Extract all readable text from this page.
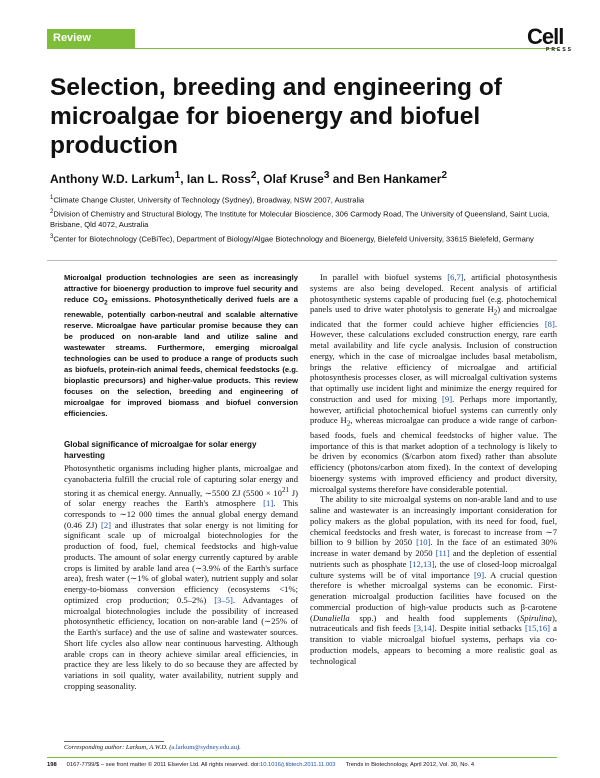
Review	Cell
PRESS
Selection, breeding and engineering of microalgae for bioenergy and biofuel production
Anthony W.D. Larkum$^1$, Ian L. Ross$^2$, Olaf Kruse$^3$ and Ben Hankamer$^2$
$^1$Climate Change Cluster, University of Technology (Sydney), Broadway, NSW 2007, Australia
$^2$Division of Chemistry and Structural Biology, The Institute for Molecular Bioscience, 306 Carmody Road, The University of Queensland, Saint Lucia, Brisbane, Qld 4072, Australia
$^3$Center for Biotechnology (CeBiTec), Department of Biology/Algae Biotechnology and Bioenergy, Bielefeld University, 33615 Bielefeld, Germany

Microalgal production technologies are seen as increasingly attractive for bioenergy production to improve fuel security and reduce $CO_2$ emissions. Photosynthetically derived fuels are a renewable, potentially carbon-neutral and scalable alternative reserve. Microalgae have particular promise because they can be produced on non-arable land and utilize saline and wastewater streams. Furthermore, emerging microalgal technologies can be used to produce a range of products such as biofuels, protein-rich animal feeds, chemical feedstocks (e.g. bioplastic precursors) and higher-value products. This review focuses on the selection, breeding and engineering of microalgae for improved biomass and biofuel conversion efficiencies.

Global significance of microalgae for solar energy harvesting

Photosynthetic organisms including higher plants, microalgae and cyanobacteria fulfill the crucial role of capturing solar energy and storing it as chemical energy. Annually, ∼5500 ZJ ($5500 \times 10^{21}$ J) of solar energy reaches the Earth's atmosphere [1]. This corresponds to ∼12 000 times the annual global energy demand (0.46 ZJ) [2] and illustrates that solar energy is not limiting for significant scale up of microalgal biotechnologies for the production of food, fuel, chemical feedstocks and high-value products. The amount of solar energy currently captured by arable crops is limited by arable land area (∼3.9% of the Earth's surface area), fresh water (∼1% of global water), nutrient supply and solar energy-to-biomass conversion efficiency (ecosystems <1%; optimized crop production; 0.5–2%) [3–5]. Advantages of microalgal biotechnologies include the possibility of increased photosynthetic efficiency, location on non-arable land (∼25% of the Earth's surface) and the use of saline and wastewater sources. Short life cycles also allow near continuous harvesting. Although arable crops can in theory achieve similar areal efficiencies, in practice they are less likely to do so because they are affected by variations in soil quality, water availability, nutrient supply and cropping seasonality.

In parallel with biofuel systems [6,7], artificial photosynthesis systems are also being developed. Recent analysis of artificial photosynthetic systems capable of producing fuel (e.g. photochemical panels used to drive water photolysis to generate $H_2$) and microalgae indicated that the former could achieve higher efficiencies [8]. However, these calculations excluded construction energy, rare earth metal availability and life cycle analysis. Inclusion of construction energy, which in the case of microalgae includes basal metabolism, brings the relative efficiency of microalgae and artificial photosynthesis processes closer, as will microalgal cultivation systems that optimally use incident light and minimize the energy required for construction and used for mixing [9]. Perhaps more importantly, however, artificial photochemical biofuel systems can currently only produce $H_2$, whereas microalgae can produce a wide range of carbon-based foods, fuels and chemical feedstocks of higher value. The importance of this is that market adoption of a technology is likely to be driven by economics ($/carbon atom fixed) rather than absolute efficiency (photons/carbon atom fixed). In the context of developing bioenergy systems with improved efficiency and product diversity, microalgal systems therefore have considerable potential.

The ability to site microalgal systems on non-arable land and to use saline and wastewater is an increasingly important consideration for policy makers as the global population, with its need for food, fuel, chemical feedstocks and fresh water, is forecast to increase from ∼7 billion to 9 billion by 2050 [10]. In the face of an estimated 30% increase in water demand by 2050 [11] and the depletion of essential nutrients such as phosphate [12,13], the use of closed-loop microalgal culture systems will be of vital importance [9]. A crucial question therefore is whether microalgal systems can be economic. First-generation microalgal production facilities have focused on the commercial production of high-value products such as β-carotene (Dunaliella spp.) and health food supplements (Spirulina), nutraceuticals and fish feeds [3,14]. Despite initial setbacks [15,16] a transition to viable microalgal biofuel systems, perhaps via co-production models, appears to becoming a more realistic goal as technological

Corresponding author: Larkum, A.W.D. (a.larkum@sydney.edu.au).
198 0167-7799/$ – see front matter © 2011 Elsevier Ltd. All rights reserved. doi:10.1016/j.tibtech.2011.11.003 Trends in Biotechnology, April 2012, Vol. 30, No. 4
